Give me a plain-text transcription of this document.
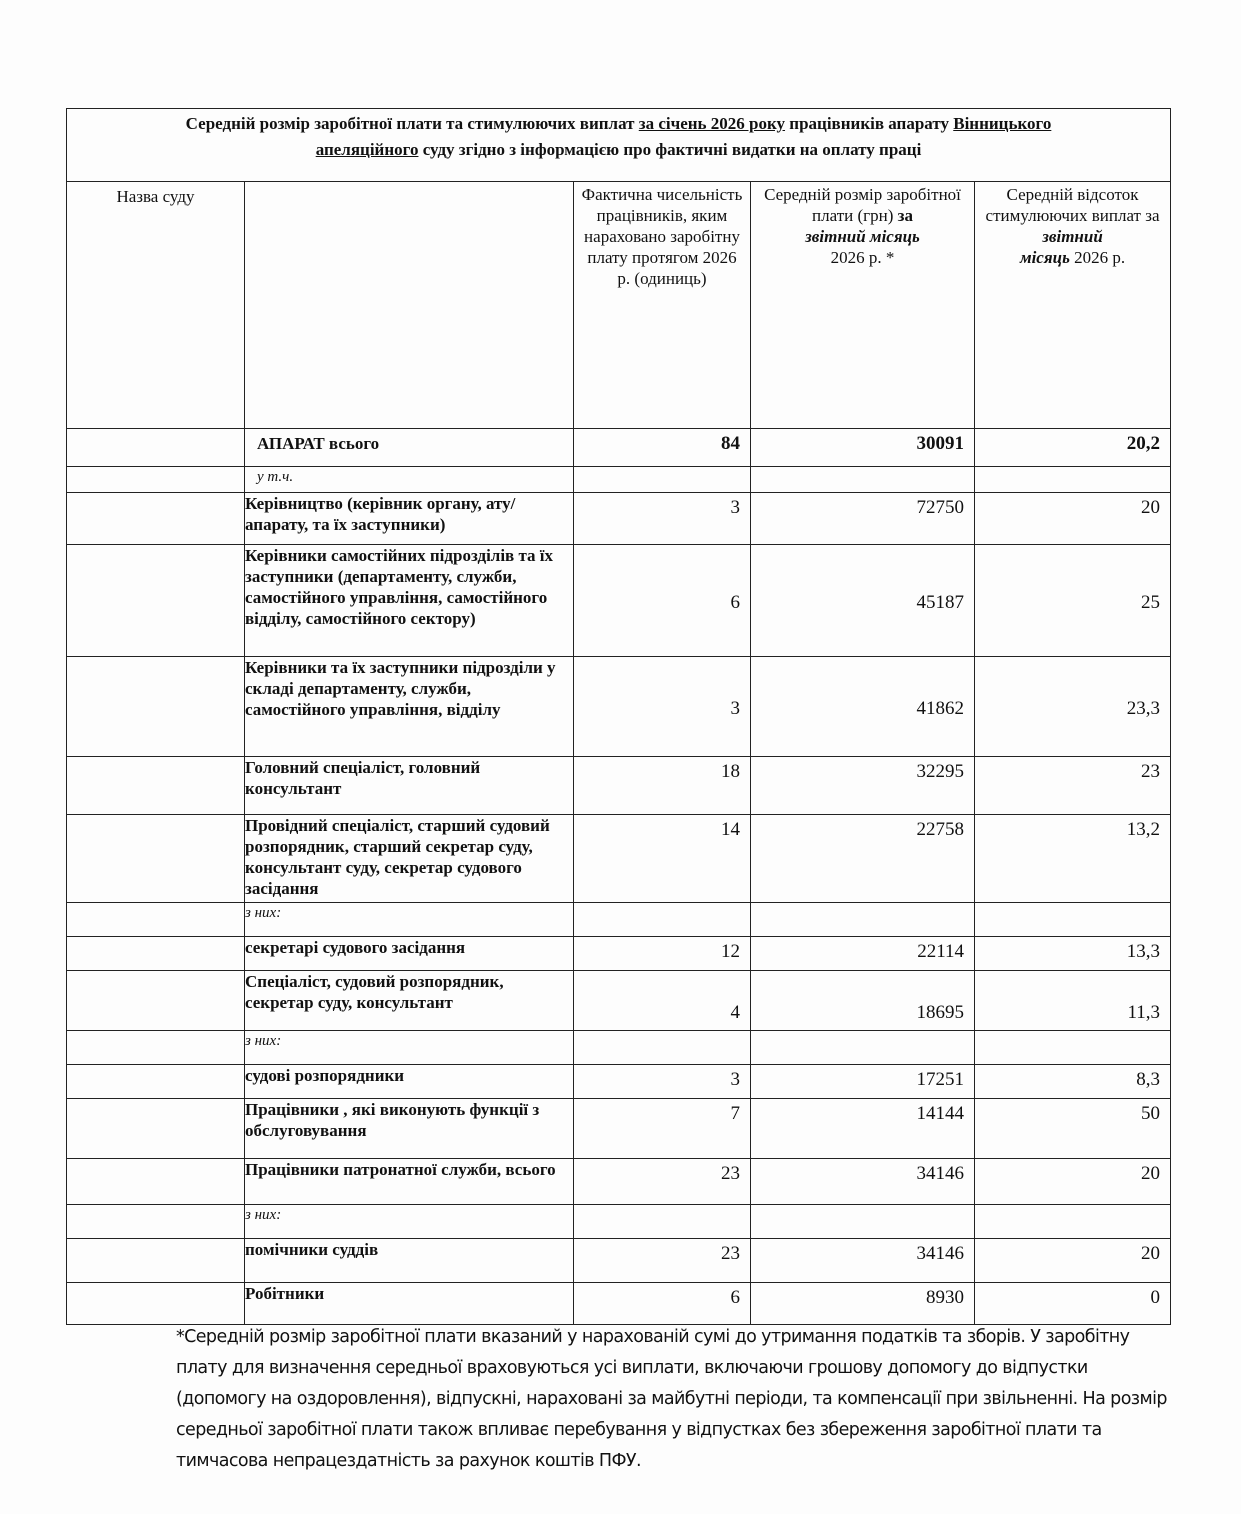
Середній розмір заробітної плати та стимулюючих виплат за січень 2026 року працівників апарату Вінницького
апеляційного суду згідно з інформацією про фактичні видатки на оплату праці				
Назва суду		Фактична чисельність працівників, яким нараховано заробітну плату протягом 2026 р. (одиниць)	Середній розмір заробітної плати (грн) за
звітний місяць
2026 р. *	Середній відсоток стимулюючих виплат за звітний
місяць 2026 р.
	АПАРАТ всього	84	30091	20,2
	у т.ч.			
	Керівництво (керівник органу, ату/апарату, та їх заступники)	3	72750	20
	Керівники самостійних підрозділів та їх заступники (департаменту, служби, самостійного управління, самостійного відділу, самостійного сектору)	6	45187	25
	Керівники та їх заступники підрозділи у складі департаменту, служби, самостійного управління, відділу	3	41862	23,3
	Головний спеціаліст, головний консультант	18	32295	23
	Провідний спеціаліст, старший судовий розпорядник, старший секретар суду, консультант суду, секретар судового засідання	14	22758	13,2
	з них:			
	секретарі судового засідання	12	22114	13,3
	Спеціаліст, судовий розпорядник, секретар суду, консультант	4	18695	11,3
	з них:			
	судові розпорядники	3	17251	8,3
	Працівники , які виконують функції з обслуговування	7	14144	50
	Працівники патронатної служби, всього	23	34146	20
	з них:			
	помічники суддів	23	34146	20
	Робітники	6	8930	0
*Середній розмір заробітної плати вказаний у нарахованій сумі до утримання податків та зборів. У заробітну плату для визначення середньої враховуються усі виплати, включаючи грошову допомогу до відпустки (допомогу на оздоровлення), відпускні, нараховані за майбутні періоди, та компенсації при звільненні. На розмір середньої заробітної плати також впливає перебування у відпустках без збереження заробітної плати та тимчасова непрацездатність за рахунок коштів ПФУ.
